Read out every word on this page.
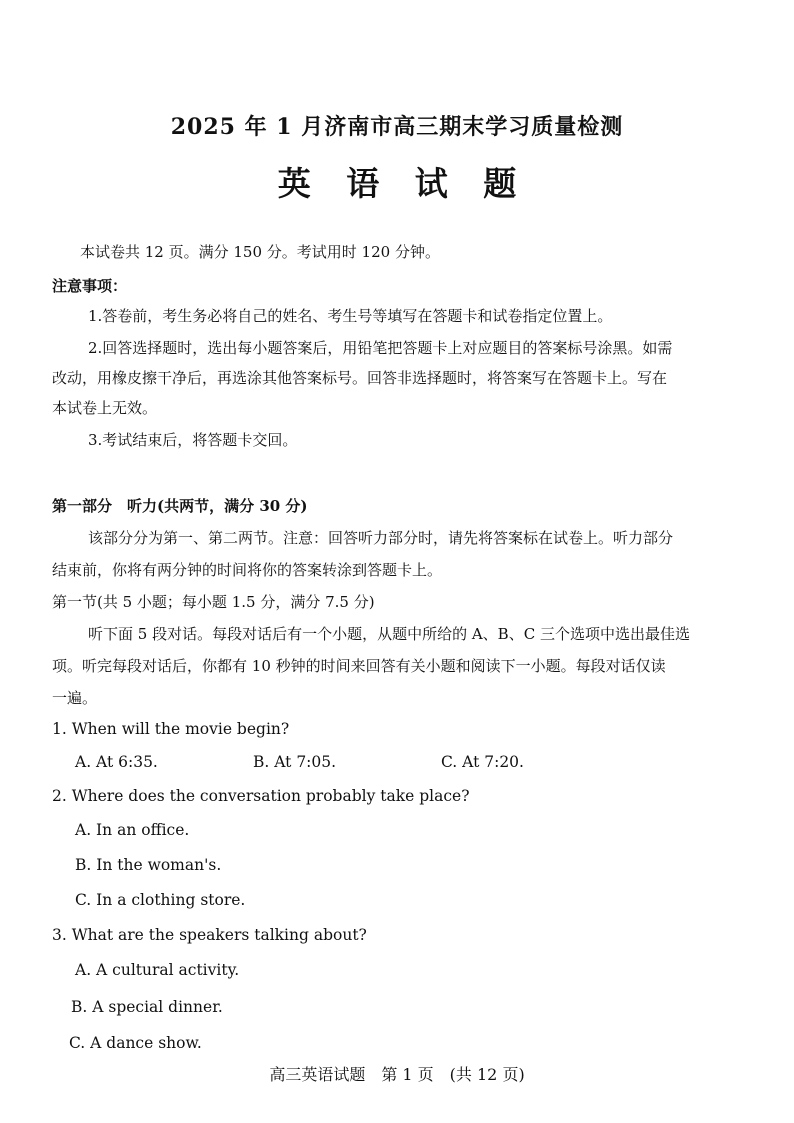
2025 年 1 月济南市高三期末学习质量检测
英 语 试 题
本试卷共 12 页。满分 150 分。考试用时 120 分钟。
注意事项：
1.答卷前，考生务必将自己的姓名、考生号等填写在答题卡和试卷指定位置上。
2.回答选择题时，选出每小题答案后，用铅笔把答题卡上对应题目的答案标号涂黑。如需
改动，用橡皮擦干净后，再选涂其他答案标号。回答非选择题时，将答案写在答题卡上。写在
本试卷上无效。
3.考试结束后，将答题卡交回。
第一部分　听力(共两节，满分 30 分)
该部分分为第一、第二两节。注意：回答听力部分时，请先将答案标在试卷上。听力部分
结束前，你将有两分钟的时间将你的答案转涂到答题卡上。
第一节(共 5 小题；每小题 1.5 分，满分 7.5 分)
听下面 5 段对话。每段对话后有一个小题，从题中所给的 A、B、C 三个选项中选出最佳选
项。听完每段对话后，你都有 10 秒钟的时间来回答有关小题和阅读下一小题。每段对话仅读
一遍。
1. When will the movie begin?
A. At 6:35.	B. At 7:05.	C. At 7:20.
2. Where does the conversation probably take place?
A. In an office.
B. In the woman's.
C. In a clothing store.
3. What are the speakers talking about?
A. A cultural activity.
B. A special dinner.
C. A dance show.
高三英语试题　第 1 页　(共 12 页)
